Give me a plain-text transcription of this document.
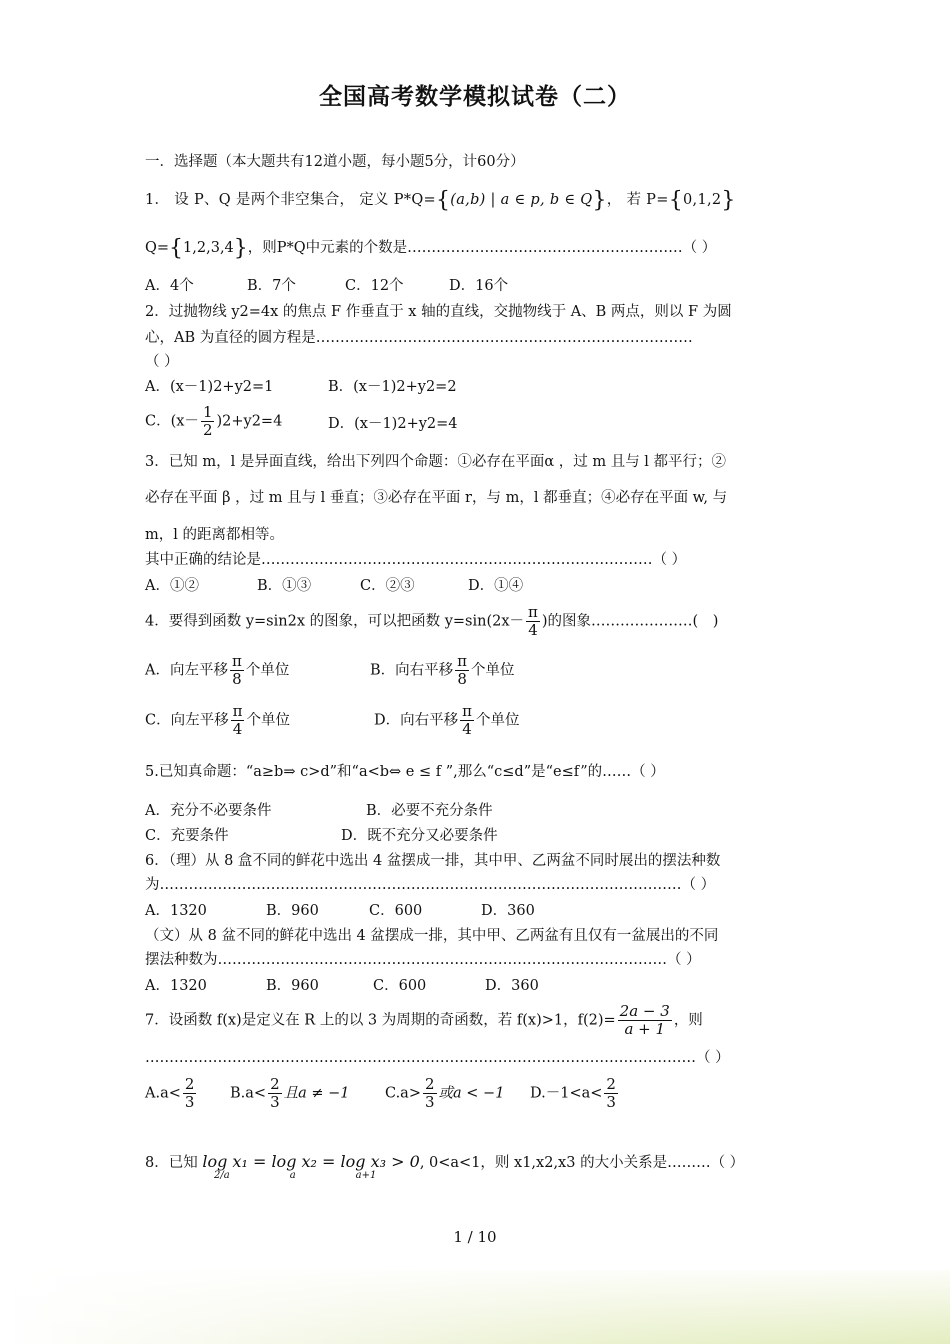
全国高考数学模拟试卷（二）
一．选择题（本大题共有12道小题，每小题5分，计60分）
1． 设 P、Q 是两个非空集合， 定义 P*Q={(a,b) | a ∈ p, b ∈ Q}， 若 P={0,1,2}
Q={1,2,3,4}，则P*Q中元素的个数是…………………………………………………（ ）
A．4个	B．7个	C．12个	D．16个
2．过抛物线 y2=4x 的焦点 F 作垂直于 x 轴的直线，交抛物线于 A、B 两点，则以 F 为圆
心，AB 为直径的圆方程是……………………………………………………………………
（ ）
A．(x－1)2+y2=1	B．(x－1)2+y2=2
C．$(x- \frac{1}{2} )2+y2=4$	D．(x－1)2+y2=4
3．已知 m，l 是异面直线，给出下列四个命题：①必存在平面α ，过 m 且与 l 都平行；②
必存在平面 β ，过 m 且与 l 垂直；③必存在平面 r，与 m，l 都垂直；④必存在平面 w, 与
m，l 的距离都相等。
其中正确的结论是………………………………………………………………………（ ）
A．①②	B．①③	C．②③	D．①④
4．要得到函数 y=sin2x 的图象，可以把函数 $y=\sin(2x- \frac{\pi}{4}$ )的图象…………………(　)
A．向左平移 $\frac{\pi}{8}$ 个单位	B．向右平移 $\frac{\pi}{8}$ 个单位
C．向左平移 $\frac{\pi}{4}$ 个单位	D．向右平移 $\frac{\pi}{4}$ 个单位
5.已知真命题：“a≥b⇒ c>d”和“a<b⇔ e ≤ f ”,那么“c≤d”是“e≤f”的……（ ）
A．充分不必要条件	B．必要不充分条件
C．充要条件	D．既不充分又必要条件
6．（理）从 8 盒不同的鲜花中选出 4 盆摆成一排，其中甲、乙两盆不同时展出的摆法种数
为………………………………………………………………………………………………（ ）
A．1320	B．960	C．600	D．360
（文）从 8 盆不同的鲜花中选出 4 盆摆成一排，其中甲、乙两盆有且仅有一盆展出的不同
摆法种数为…………………………………………………………………………………（ ）
A．1320	B．960	C．600	D．360
7．设函数 f(x)是定义在 R 上的以 3 为周期的奇函数，若 f(x)>1，$f(2)= \frac{2a - 3}{a + 1}$ ，则
……………………………………………………………………………………………………（ ）
$A.a< \frac{2}{3} B.a< \frac{2}{3}$ 且a ≠ −1 $C.a> \frac{2}{3}$ 或a < −1 $D.-1<a< \frac{2}{3}$
8．已知 log x₁ = log x₂ = log x₃ > 0, 0<a<1，则 x1,x2,x3 的大小关系是………（ ）
2/a	a	a+1
1 / 10
